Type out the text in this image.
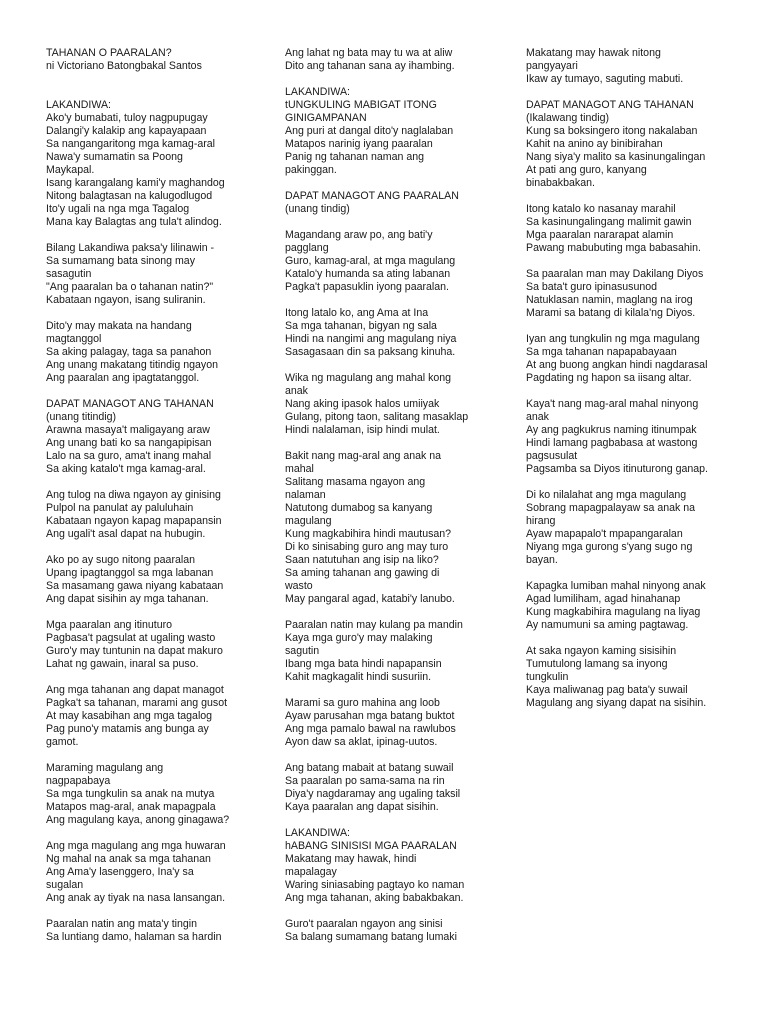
TAHANAN O PAARALAN?
ni Victoriano Batongbakal Santos
LAKANDIWA:
Ako'y bumabati, tuloy nagpupugay
Dalangi'y kalakip ang kapayapaan
Sa nangangaritong mga kamag-aral
Nawa'y sumamatin sa Poong
Maykapal.
Isang karangalang kami'y maghandog
Nitong balagtasan na kalugodlugod
Ito'y ugali na nga mga Tagalog
Mana kay Balagtas ang tula't alindog.
Bilang Lakandiwa paksa'y lilinawin -
Sa sumamang bata sinong may
sasagutin
"Ang paaralan ba o tahanan natin?"
Kabataan ngayon, isang suliranin.
Dito'y may makata na handang
magtanggol
Sa aking palagay, taga sa panahon
Ang unang makatang titindig ngayon
Ang paaralan ang ipagtatanggol.
DAPAT MANAGOT ANG TAHANAN
(unang titindig)
Arawna masaya't maligayang araw
Ang unang bati ko sa nangapipisan
Lalo na sa guro, ama't inang mahal
Sa aking katalo't mga kamag-aral.
Ang tulog na diwa ngayon ay ginising
Pulpol na panulat ay paluluhain
Kabataan ngayon kapag mapapansin
Ang ugali't asal dapat na hubugin.
Ako po ay sugo nitong paaralan
Upang ipagtanggol sa mga labanan
Sa masamang gawa niyang kabataan
Ang dapat sisihin ay mga tahanan.
Mga paaralan ang itinuturo
Pagbasa't pagsulat at ugaling wasto
Guro'y may tuntunin na dapat makuro
Lahat ng gawain, inaral sa puso.
Ang mga tahanan ang dapat managot
Pagka't sa tahanan, marami ang gusot
At may kasabihan ang mga tagalog
Pag puno'y matamis ang bunga ay
gamot.
Maraming magulang ang
nagpapabaya
Sa mga tungkulin sa anak na mutya
Matapos mag-aral, anak mapagpala
Ang magulang kaya, anong ginagawa?
Ang mga magulang ang mga huwaran
Ng mahal na anak sa mga tahanan
Ang Ama'y lasenggero, Ina'y sa
sugalan
Ang anak ay tiyak na nasa lansangan.
Paaralan natin ang mata'y tingin
Sa luntiang damo, halaman sa hardin
Ang lahat ng bata may tu wa at aliw
Dito ang tahanan sana ay ihambing.
LAKANDIWA:
tUNGKULING MABIGAT ITONG
GINIGAMPANAN
Ang puri at dangal dito'y naglalaban
Matapos narinig iyang paaralan
Panig ng tahanan naman ang
pakinggan.
DAPAT MANAGOT ANG PAARALAN
(unang tindig)
Magandang araw po, ang bati'y
pagglang
Guro, kamag-aral, at mga magulang
Katalo'y humanda sa ating labanan
Pagka't papasuklin iyong paaralan.
Itong latalo ko, ang Ama at Ina
Sa mga tahanan, bigyan ng sala
Hindi na nangimi ang magulang niya
Sasagasaan din sa paksang kinuha.
Wika ng magulang ang mahal kong
anak
Nang aking ipasok halos umiiyak
Gulang, pitong taon, salitang masaklap
Hindi nalalaman, isip hindi mulat.
Bakit nang mag-aral ang anak na
mahal
Salitang masama ngayon ang
nalaman
Natutong dumabog sa kanyang
magulang
Kung magkabihira hindi mautusan?
Di ko sinisabing guro ang may turo
Saan natutuhan ang isip na liko?
Sa aming tahanan ang gawing di
wasto
May pangaral agad, katabi'y lanubo.
Paaralan natin may kulang pa mandin
Kaya mga guro'y may malaking
sagutin
Ibang mga bata hindi napapansin
Kahit magkagalit hindi susuriin.
Marami sa guro mahina ang loob
Ayaw parusahan mga batang buktot
Ang mga pamalo bawal na rawlubos
Ayon daw sa aklat, ipinag-uutos.
Ang batang mabait at batang suwail
Sa paaralan po sama-sama na rin
Diya'y nagdaramay ang ugaling taksil
Kaya paaralan ang dapat sisihin.
LAKANDIWA:
hABANG SINISISI MGA PAARALAN
Makatang may hawak, hindi
mapalagay
Waring siniasabing pagtayo ko naman
Ang mga tahanan, aking babakbakan.
Guro't paaralan ngayon ang sinisi
Sa balang sumamang batang lumaki
Makatang may hawak nitong
pangyayari
Ikaw ay tumayo, saguting mabuti.
DAPAT MANAGOT ANG TAHANAN
(Ikalawang tindig)
Kung sa boksingero itong nakalaban
Kahit na anino ay binibirahan
Nang siya'y malito sa kasinungalingan
At pati ang guro, kanyang
binabakbakan.
Itong katalo ko nasanay marahil
Sa kasinungalingang malimit gawin
Mga paaralan nararapat alamin
Pawang mabubuting mga babasahin.
Sa paaralan man may Dakilang Diyos
Sa bata't guro ipinasusunod
Natuklasan namin, maglang na irog
Marami sa batang di kilala'ng Diyos.
Iyan ang tungkulin ng mga magulang
Sa mga tahanan napapabayaan
At ang buong angkan hindi nagdarasal
Pagdating ng hapon sa iisang altar.
Kaya't nang mag-aral mahal ninyong
anak
Ay ang pagkukrus naming itinumpak
Hindi lamang pagbabasa at wastong
pagsusulat
Pagsamba sa Diyos itinuturong ganap.
Di ko nilalahat ang mga magulang
Sobrang mapagpalayaw sa anak na
hirang
Ayaw mapapalo't mpapangaralan
Niyang mga gurong s'yang sugo ng
bayan.
Kapagka lumiban mahal ninyong anak
Agad lumiliham, agad hinahanap
Kung magkabihira magulang na liyag
Ay namumuni sa aming pagtawag.
At saka ngayon kaming sisisihin
Tumutulong lamang sa inyong
tungkulin
Kaya maliwanag pag bata'y suwail
Magulang ang siyang dapat na sisihin.
